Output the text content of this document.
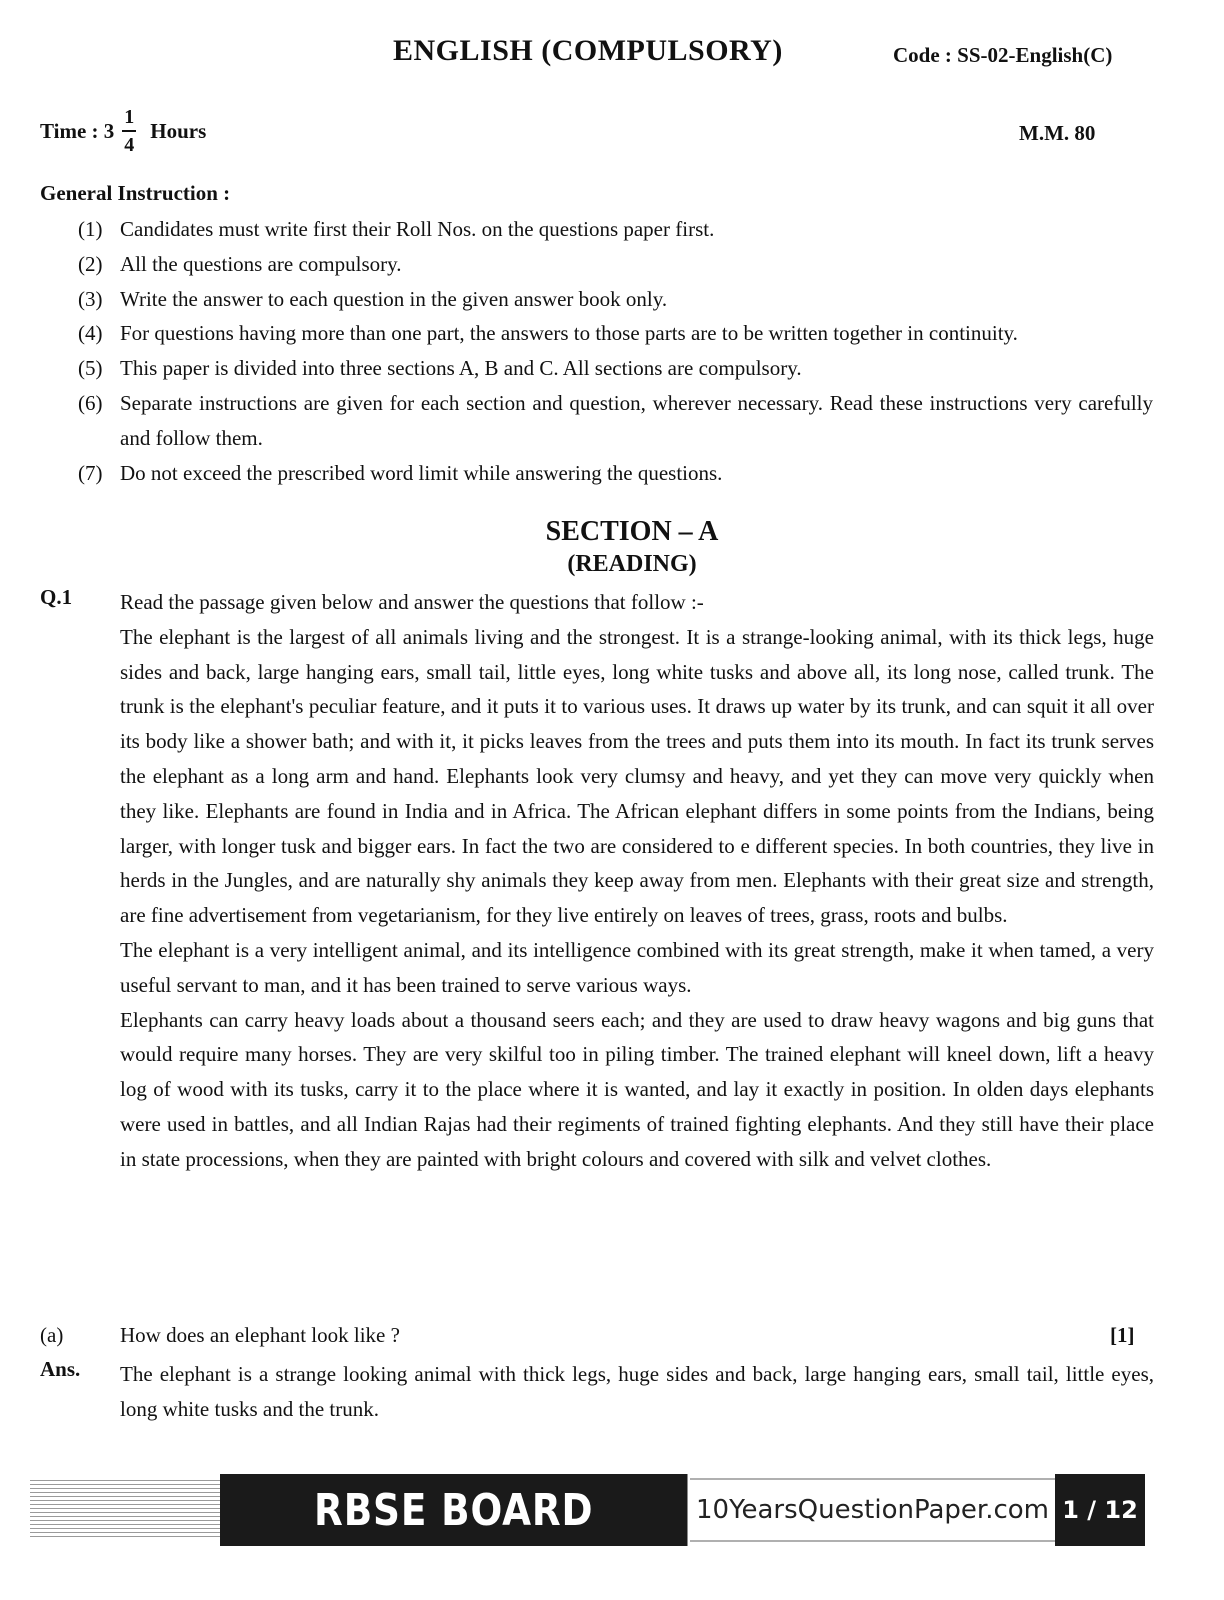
ENGLISH (COMPULSORY)	Code : SS-02-English(C)
Time : $3 \frac{1}{4}$ Hours	M.M. 80
General Instruction :
(1) Candidates must write first their Roll Nos. on the questions paper first.
(2) All the questions are compulsory.
(3) Write the answer to each question in the given answer book only.
(4) For questions having more than one part, the answers to those parts are to be written together in continuity.
(5) This paper is divided into three sections A, B and C. All sections are compulsory.
(6) Separate instructions are given for each section and question, wherever necessary. Read these instructions very carefully and follow them.
(7) Do not exceed the prescribed word limit while answering the questions.
SECTION – A
(READING)
Q.1 Read the passage given below and answer the questions that follow :-

The elephant is the largest of all animals living and the strongest. It is a strange-looking animal, with its thick legs, huge sides and back, large hanging ears, small tail, little eyes, long white tusks and above all, its long nose, called trunk. The trunk is the elephant's peculiar feature, and it puts it to various uses. It draws up water by its trunk, and can squit it all over its body like a shower bath; and with it, it picks leaves from the trees and puts them into its mouth. In fact its trunk serves the elephant as a long arm and hand. Elephants look very clumsy and heavy, and yet they can move very quickly when they like. Elephants are found in India and in Africa. The African elephant differs in some points from the Indians, being larger, with longer tusk and bigger ears. In fact the two are considered to e different species. In both countries, they live in herds in the Jungles, and are naturally shy animals they keep away from men. Elephants with their great size and strength, are fine advertisement from vegetarianism, for they live entirely on leaves of trees, grass, roots and bulbs.

The elephant is a very intelligent animal, and its intelligence combined with its great strength, make it when tamed, a very useful servant to man, and it has been trained to serve various ways.

Elephants can carry heavy loads about a thousand seers each; and they are used to draw heavy wagons and big guns that would require many horses. They are very skilful too in piling timber. The trained elephant will kneel down, lift a heavy log of wood with its tusks, carry it to the place where it is wanted, and lay it exactly in position. In olden days elephants were used in battles, and all Indian Rajas had their regiments of trained fighting elephants. And they still have their place in state processions, when they are painted with bright colours and covered with silk and velvet clothes.

(a)	How does an elephant look like ?	[1]
Ans. The elephant is a strange looking animal with thick legs, huge sides and back, large hanging ears, small tail, little eyes, long white tusks and the trunk.
RBSE BOARD	10YearsQuestionPaper.com 1 / 12
